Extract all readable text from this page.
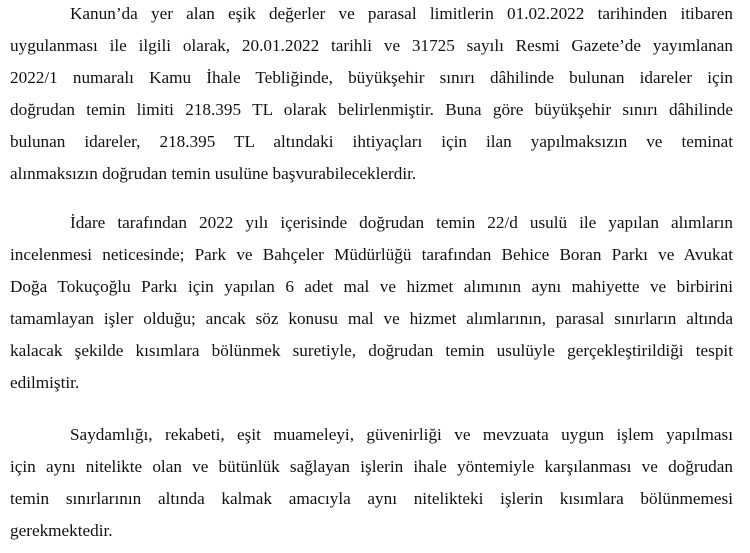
Kanun’da yer alan eşik değerler ve parasal limitlerin 01.02.2022 tarihinden itibaren
uygulanması ile ilgili olarak, 20.01.2022 tarihli ve 31725 sayılı Resmi Gazete’de yayımlanan
2022/1 numaralı Kamu İhale Tebliğinde, büyükşehir sınırı dâhilinde bulunan idareler için
doğrudan temin limiti 218.395 TL olarak belirlenmiştir. Buna göre büyükşehir sınırı dâhilinde
bulunan idareler, 218.395 TL altındaki ihtiyaçları için ilan yapılmaksızın ve teminat
alınmaksızın doğrudan temin usulüne başvurabileceklerdir.
İdare tarafından 2022 yılı içerisinde doğrudan temin 22/d usulü ile yapılan alımların
incelenmesi neticesinde; Park ve Bahçeler Müdürlüğü tarafından Behice Boran Parkı ve Avukat
Doğa Tokuçoğlu Parkı için yapılan 6 adet mal ve hizmet alımının aynı mahiyette ve birbirini
tamamlayan işler olduğu; ancak söz konusu mal ve hizmet alımlarının, parasal sınırların altında
kalacak şekilde kısımlara bölünmek suretiyle, doğrudan temin usulüyle gerçekleştirildiği tespit
edilmiştir.
Saydamlığı, rekabeti, eşit muameleyi, güvenirliği ve mevzuata uygun işlem yapılması
için aynı nitelikte olan ve bütünlük sağlayan işlerin ihale yöntemiyle karşılanması ve doğrudan
temin sınırlarının altında kalmak amacıyla aynı nitelikteki işlerin kısımlara bölünmemesi
gerekmektedir.
